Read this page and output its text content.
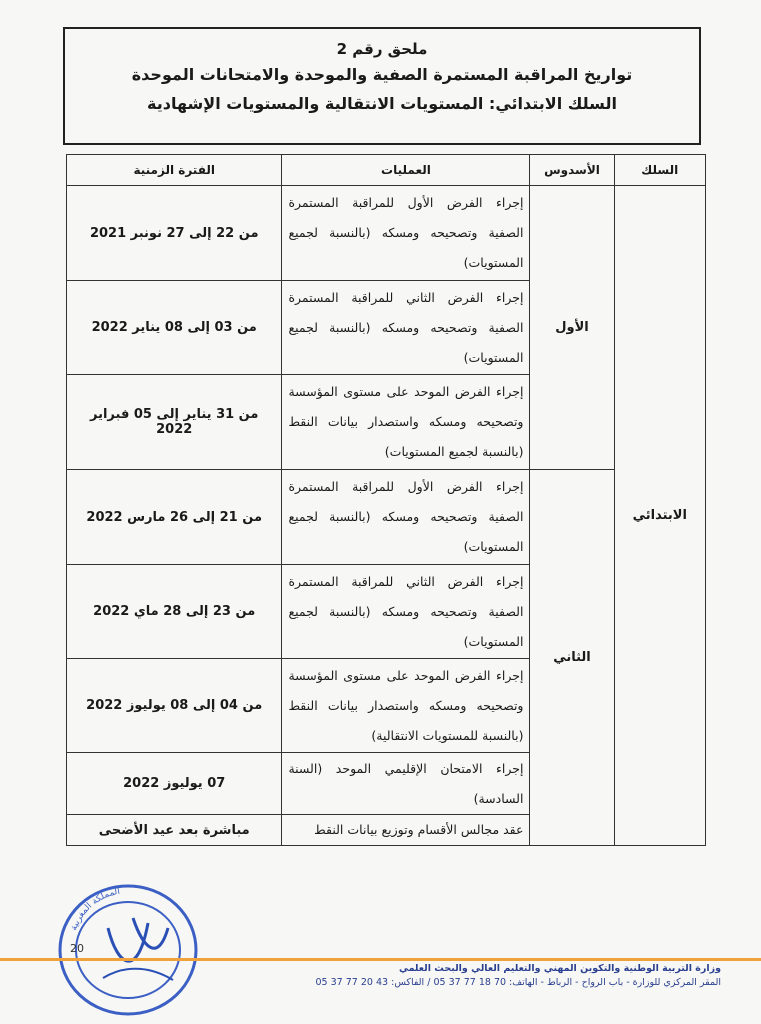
ملحق رقم 2
تواريخ المراقبة المستمرة الصفية والموحدة والامتحانات الموحدة
السلك الابتدائي: المستويات الانتقالية والمستويات الإشهادية
السلك	الأسدوس	العمليات	الفترة الزمنية
الابتدائي	الأول	إجراء الفرض الأول للمراقبة المستمرة الصفية وتصحيحه ومسكه (بالنسبة لجميع المستويات)	من 22 إلى 27 نونبر 2021
		إجراء الفرض الثاني للمراقبة المستمرة الصفية وتصحيحه ومسكه (بالنسبة لجميع المستويات)	من 03 إلى 08 يناير 2022
		إجراء الفرض الموحد على مستوى المؤسسة وتصحيحه ومسكه واستصدار بيانات النقط (بالنسبة لجميع المستويات)	من 31 يناير إلى 05 فبراير 2022
	الثاني	إجراء الفرض الأول للمراقبة المستمرة الصفية وتصحيحه ومسكه (بالنسبة لجميع المستويات)	من 21 إلى 26 مارس 2022
		إجراء الفرض الثاني للمراقبة المستمرة الصفية وتصحيحه ومسكه (بالنسبة لجميع المستويات)	من 23 إلى 28 ماي 2022
		إجراء الفرض الموحد على مستوى المؤسسة وتصحيحه ومسكه واستصدار بيانات النقط (بالنسبة للمستويات الانتقالية)	من 04 إلى 08 يوليوز 2022
		إجراء الامتحان الإقليمي الموحد (السنة السادسة)	07 يوليوز 2022
		عقد مجالس الأقسام وتوزيع بيانات النقط	مباشرة بعد عيد الأضحى
المملكة المغربية
20
وزارة التربية الوطنية والتكوين المهني والتعليم العالي والبحث العلمي
المقر المركزي للوزارة - باب الرواح - الرباط - الهاتف: 70 18 77 37 05 / الفاكس: 43 20 77 37 05
